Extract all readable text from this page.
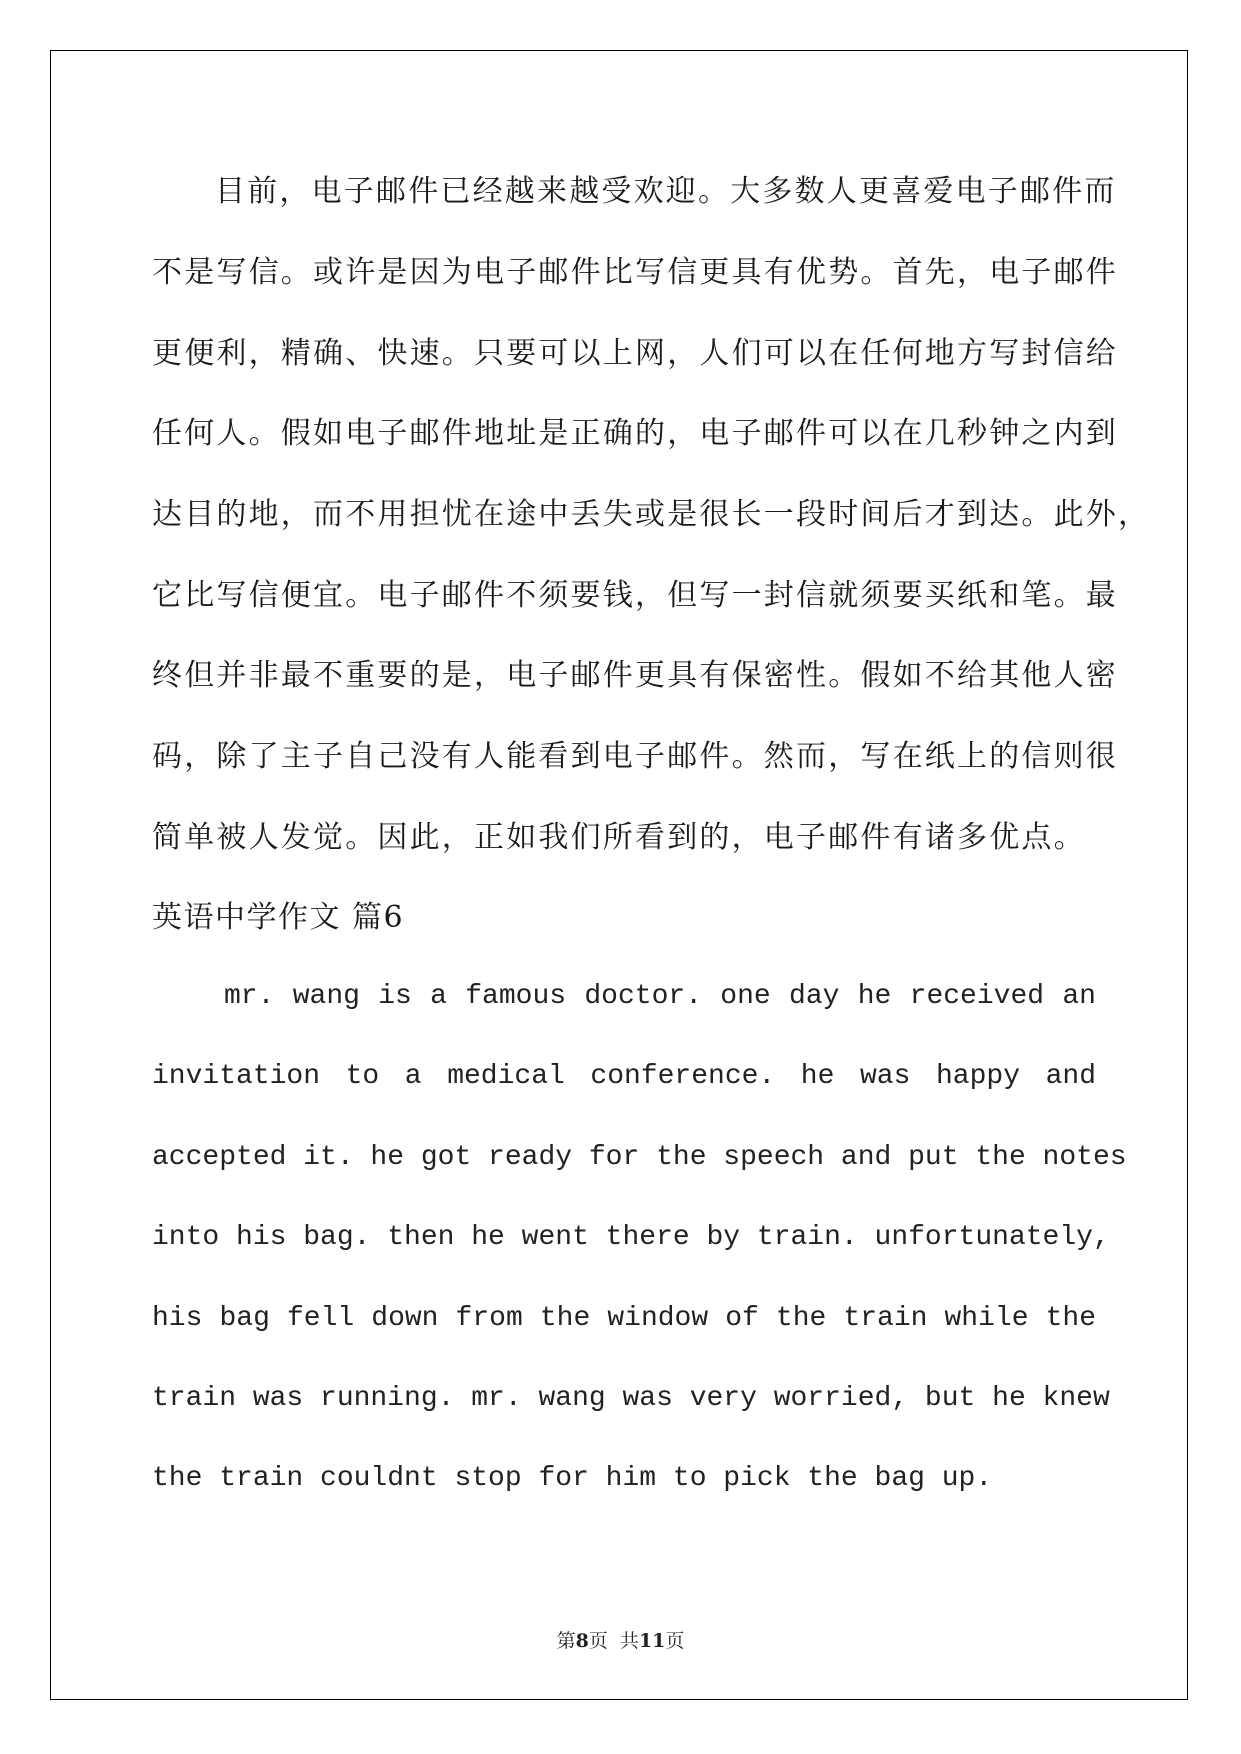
目前，电子邮件已经越来越受欢迎。大多数人更喜爱电子邮件而
不是写信。或许是因为电子邮件比写信更具有优势。首先，电子邮件
更便利，精确、快速。只要可以上网，人们可以在任何地方写封信给
任何人。假如电子邮件地址是正确的，电子邮件可以在几秒钟之内到
达目的地，而不用担忧在途中丢失或是很长一段时间后才到达。此外，
它比写信便宜。电子邮件不须要钱，但写一封信就须要买纸和笔。最
终但并非最不重要的是，电子邮件更具有保密性。假如不给其他人密
码，除了主子自己没有人能看到电子邮件。然而，写在纸上的信则很
简单被人发觉。因此，正如我们所看到的，电子邮件有诸多优点。
英语中学作文 篇6
mr. wang is a famous doctor. one day he received an
invitation to a medical conference. he was happy and
accepted it. he got ready for the speech and put the notes
into his bag. then he went there by train. unfortunately,
his bag fell down from the window of the train while the
train was running. mr. wang was very worried, but he knew
the train couldnt stop for him to pick the bag up.
第8页  共11页
